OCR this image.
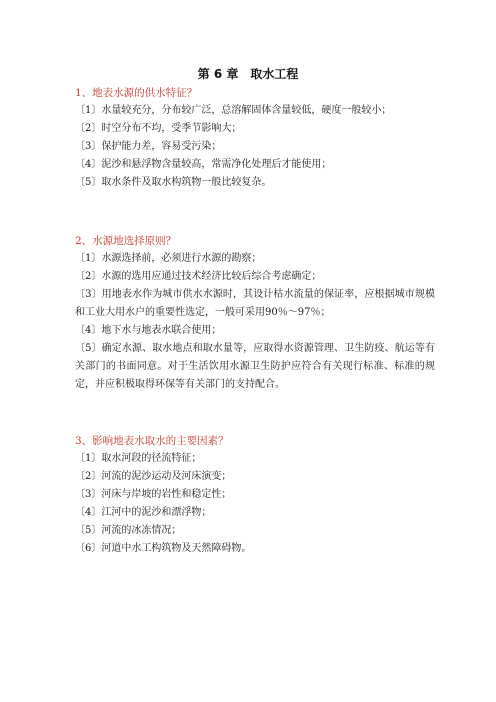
第 6 章　取水工程

1、地表水源的供水特征？

〔1〕水量较充分，分布较广泛，总溶解固体含量较低，硬度一般较小；

〔2〕时空分布不均，受季节影响大；

〔3〕保护能力差，容易受污染；

〔4〕泥沙和悬浮物含量较高，常需净化处理后才能使用；

〔5〕取水条件及取水构筑物一般比较复杂。

2、水源地选择原则？

〔1〕水源选择前，必须进行水源的勘察；

〔2〕水源的选用应通过技术经济比较后综合考虑确定；

〔3〕用地表水作为城市供水水源时，其设计枯水流量的保证率，应根据城市规模和工业大用水户的重要性选定，一般可采用90％～97％；

〔4〕地下水与地表水联合使用；

〔5〕确定水源、取水地点和取水量等，应取得水资源管理、卫生防疫、航运等有关部门的书面同意。对于生活饮用水源卫生防护应符合有关现行标准、标准的规定，并应积极取得环保等有关部门的支持配合。

3、影响地表水取水的主要因素？

〔1〕取水河段的径流特征；

〔2〕河流的泥沙运动及河床演变；

〔3〕河床与岸坡的岩性和稳定性；

〔4〕江河中的泥沙和漂浮物；

〔5〕河流的冰冻情况；

〔6〕河道中水工构筑物及天然障碍物。
